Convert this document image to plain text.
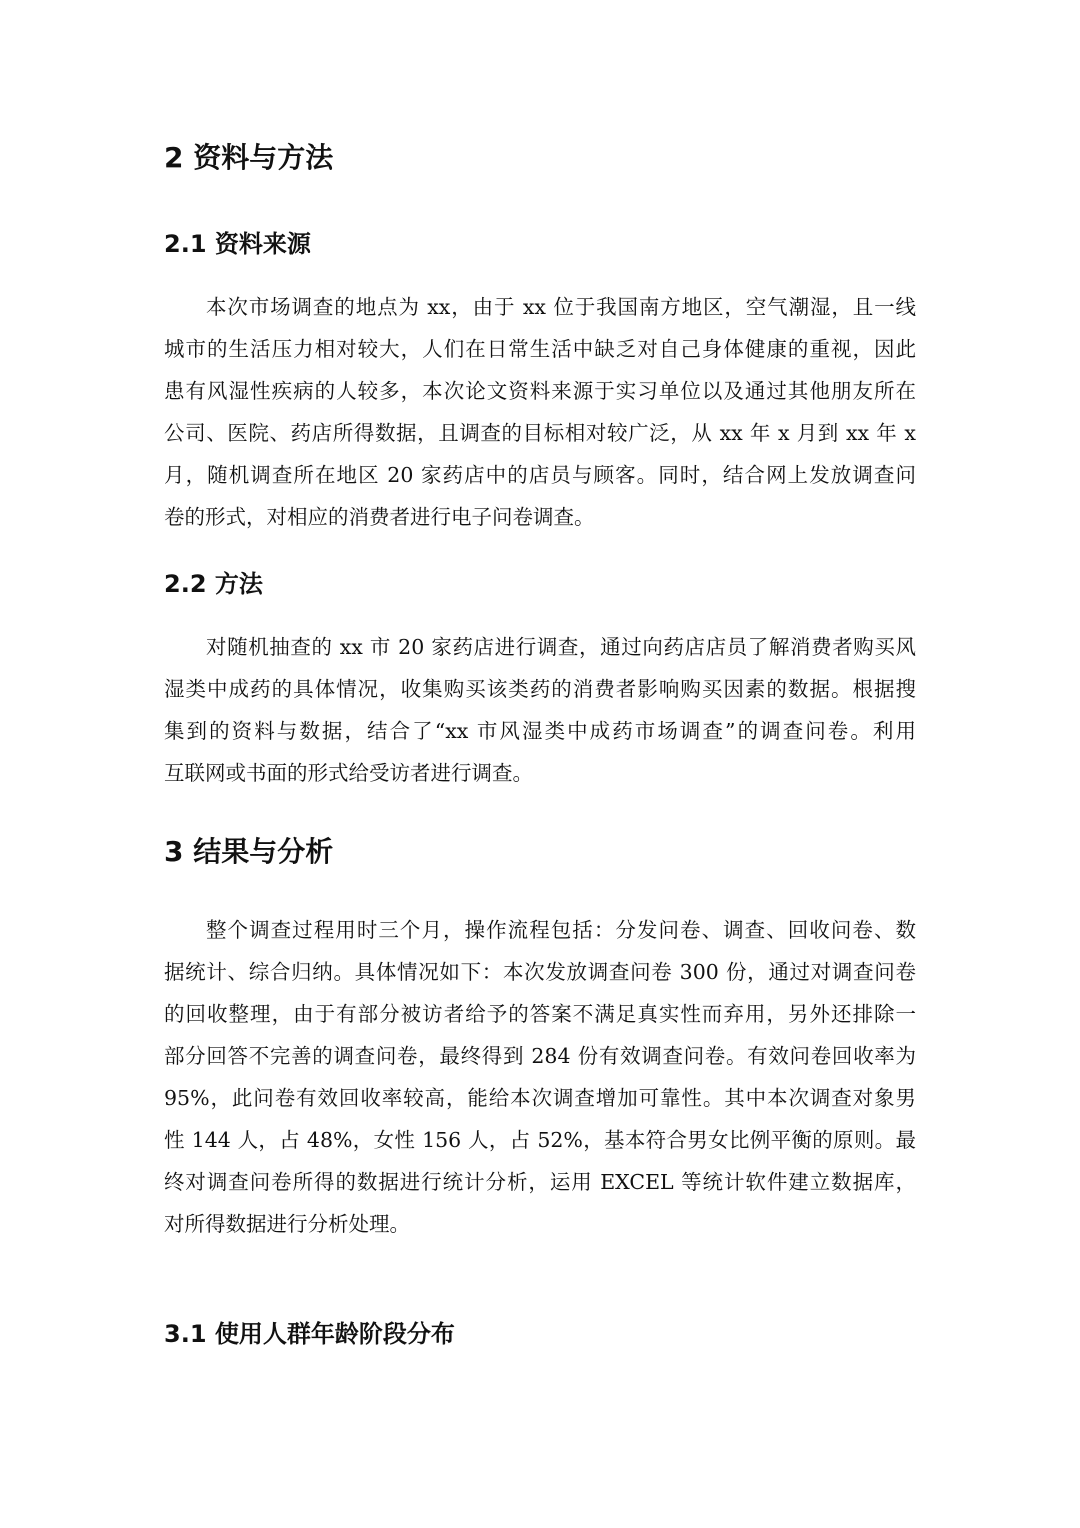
2 资料与方法
2.1 资料来源
本次市场调查的地点为 xx，由于 xx 位于我国南方地区，空气潮湿，且一线
城市的生活压力相对较大，人们在日常生活中缺乏对自己身体健康的重视，因此
患有风湿性疾病的人较多，本次论文资料来源于实习单位以及通过其他朋友所在
公司、医院、药店所得数据，且调查的目标相对较广泛，从 xx 年 x 月到 xx 年 x
月，随机调查所在地区 20 家药店中的店员与顾客。同时，结合网上发放调查问
卷的形式，对相应的消费者进行电子问卷调查。
2.2 方法
对随机抽查的 xx 市 20 家药店进行调查，通过向药店店员了解消费者购买风
湿类中成药的具体情况，收集购买该类药的消费者影响购买因素的数据。根据搜
集到的资料与数据，结合了“xx 市风湿类中成药市场调查”的调查问卷。利用
互联网或书面的形式给受访者进行调查。
3 结果与分析
整个调查过程用时三个月，操作流程包括：分发问卷、调查、回收问卷、数
据统计、综合归纳。具体情况如下：本次发放调查问卷 300 份，通过对调查问卷
的回收整理，由于有部分被访者给予的答案不满足真实性而弃用，另外还排除一
部分回答不完善的调查问卷，最终得到 284 份有效调查问卷。有效问卷回收率为
95%，此问卷有效回收率较高，能给本次调查增加可靠性。其中本次调查对象男
性 144 人，占 48%，女性 156 人，占 52%，基本符合男女比例平衡的原则。最
终对调查问卷所得的数据进行统计分析，运用 EXCEL 等统计软件建立数据库，
对所得数据进行分析处理。
3.1 使用人群年龄阶段分布
